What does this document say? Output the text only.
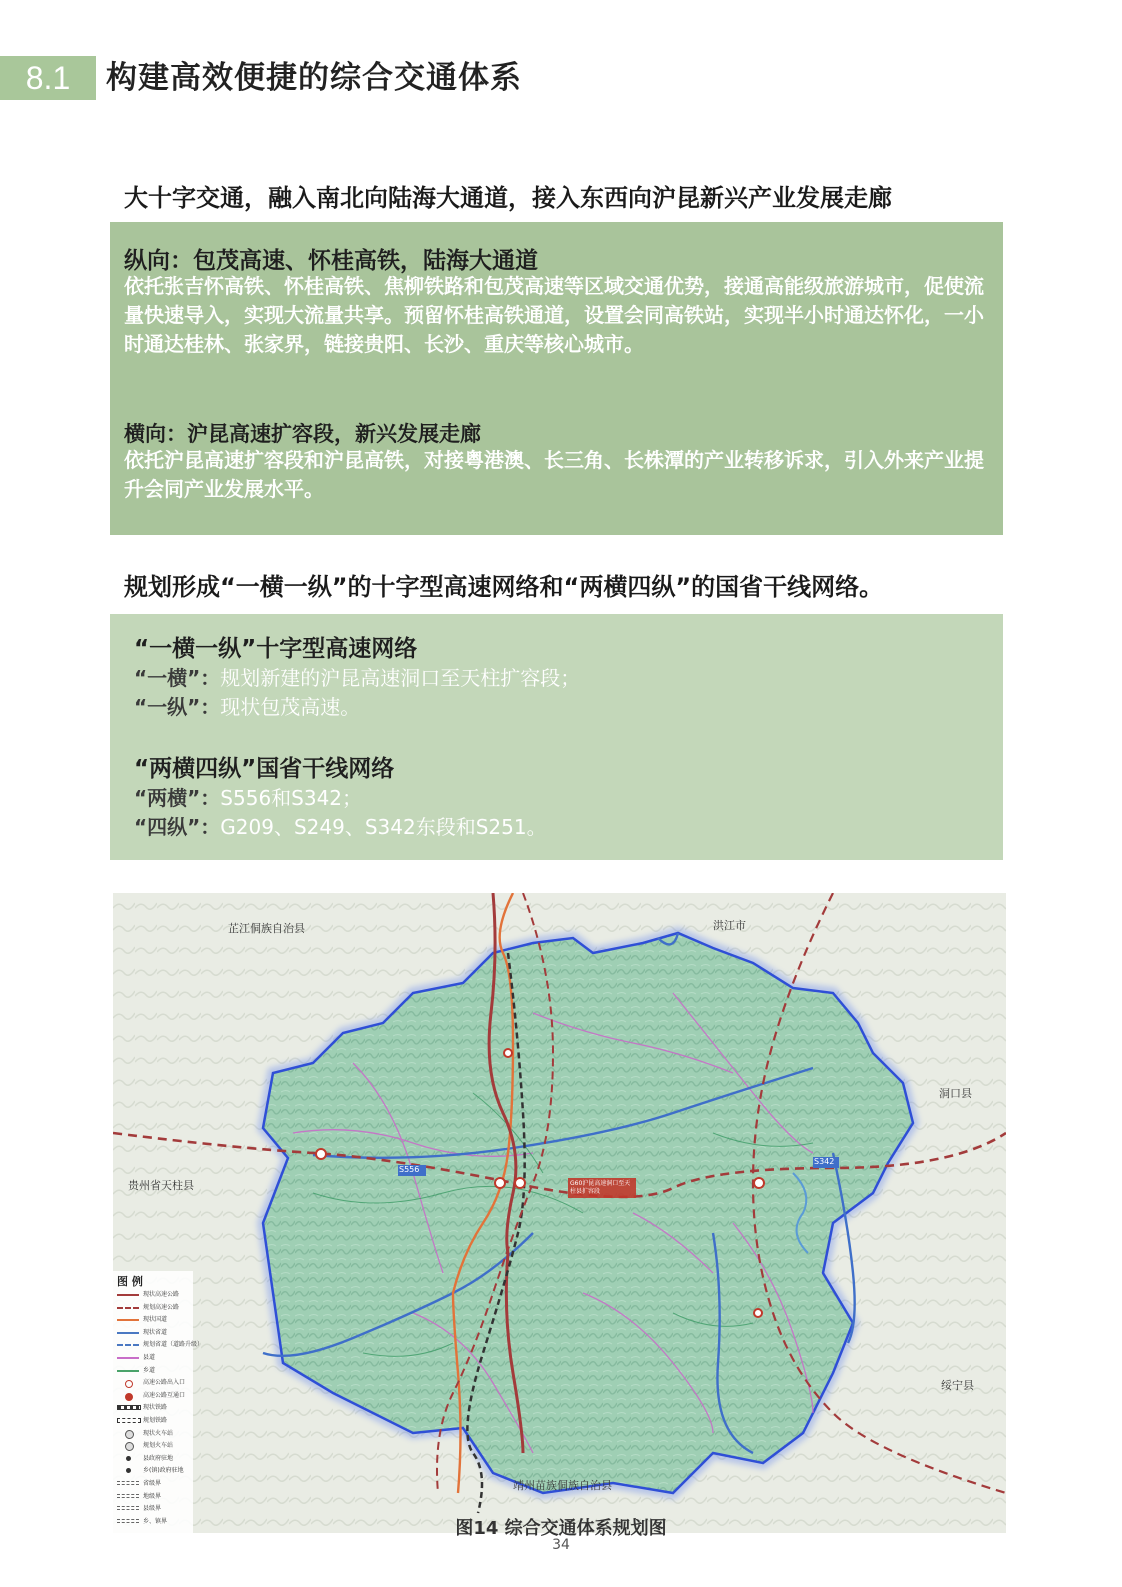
8.1	构建高效便捷的综合交通体系
大十字交通，融入南北向陆海大通道，接入东西向沪昆新兴产业发展走廊
纵向：包茂高速、怀桂高铁，陆海大通道
依托张吉怀高铁、怀桂高铁、焦柳铁路和包茂高速等区域交通优势，接通高能级旅游城市，促使流量快速导入，实现大流量共享。预留怀桂高铁通道，设置会同高铁站，实现半小时通达怀化，一小时通达桂林、张家界，链接贵阳、长沙、重庆等核心城市。
横向：沪昆高速扩容段，新兴发展走廊
依托沪昆高速扩容段和沪昆高铁，对接粤港澳、长三角、长株潭的产业转移诉求，引入外来产业提升会同产业发展水平。
规划形成“一横一纵”的十字型高速网络和“两横四纵”的国省干线网络。
“一横一纵”十字型高速网络
“一横”：规划新建的沪昆高速洞口至天柱扩容段；
“一纵”：现状包茂高速。
“两横四纵”国省干线网络
“两横”：S556和S342；
“四纵”：G209、S249、S342东段和S251。
S556
S342
G60沪昆高速洞口至天柱县扩容段
芷江侗族自治县	洪江市
洞口县
贵州省天柱县
绥宁县
靖州苗族侗族自治县
图 例
现状高速公路
规划高速公路
现状国道
现状省道
规划省道（道路升级）
县道
乡道
高速公路出入口
高速公路互通口
现状铁路
规划铁路
现状火车站
规划火车站
县政府驻地
乡(镇)政府驻地
省级界
地级界
县级界
乡、镇界	图14 综合交通体系规划图
34
